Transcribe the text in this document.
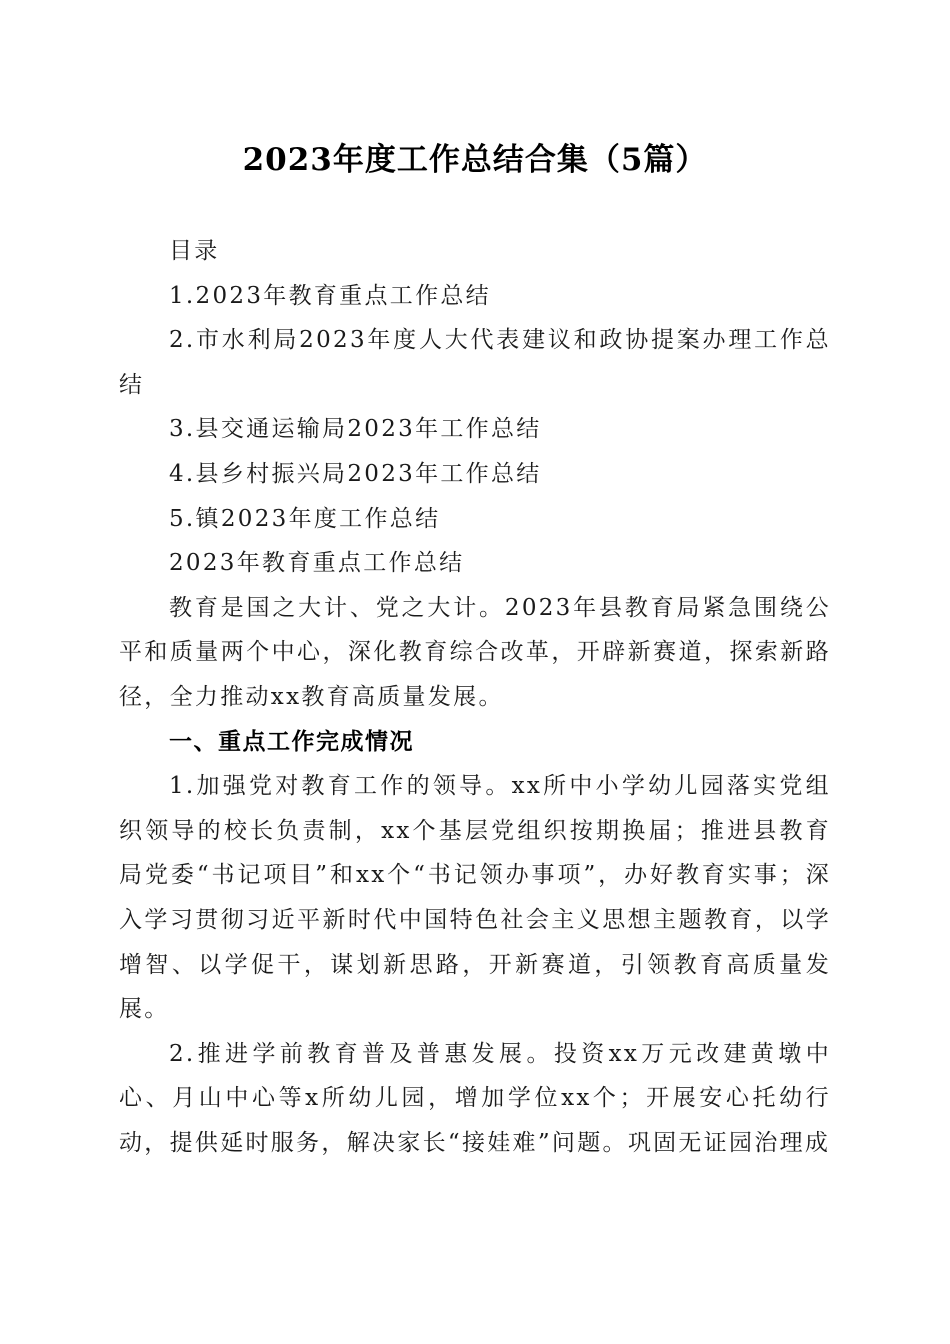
2023年度工作总结合集（5篇）

目录

1.2023年教育重点工作总结

2.市水利局2023年度人大代表建议和政协提案办理工作总结

3.县交通运输局2023年工作总结

4.县乡村振兴局2023年工作总结

5.镇2023年度工作总结

2023年教育重点工作总结

教育是国之大计、党之大计。2023年县教育局紧急围绕公平和质量两个中心，深化教育综合改革，开辟新赛道，探索新路径，全力推动xx教育高质量发展。

一、重点工作完成情况

1.加强党对教育工作的领导。xx所中小学幼儿园落实党组织领导的校长负责制，xx个基层党组织按期换届；推进县教育局党委“书记项目”和xx个“书记领办事项”，办好教育实事；深入学习贯彻习近平新时代中国特色社会主义思想主题教育，以学增智、以学促干，谋划新思路，开新赛道，引领教育高质量发展。

2.推进学前教育普及普惠发展。投资xx万元改建黄墩中心、月山中心等x所幼儿园，增加学位xx个；开展安心托幼行动，提供延时服务，解决家长“接娃难”问题。巩固无证园治理成
